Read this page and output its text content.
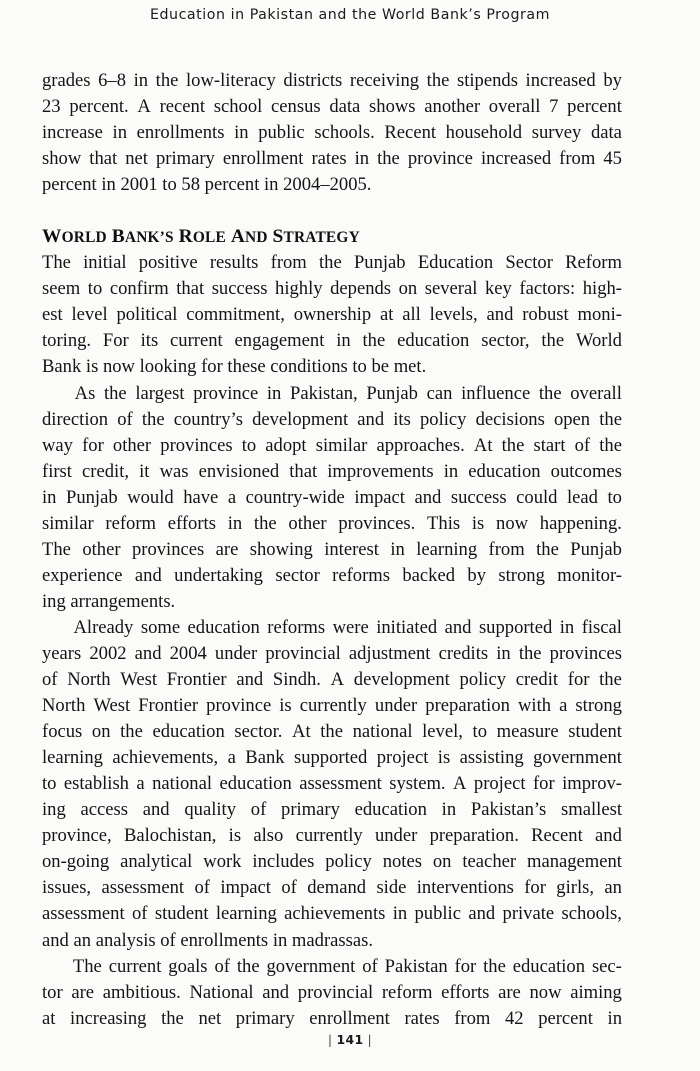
Education in Pakistan and the World Bank’s Program
grades 6–8 in the low-literacy districts receiving the stipends increased by
23 percent. A recent school census data shows another overall 7 percent
increase in enrollments in public schools. Recent household survey data
show that net primary enrollment rates in the province increased from 45
percent in 2001 to 58 percent in 2004–2005.
WORLD BANK’S ROLE AND STRATEGY
The initial positive results from the Punjab Education Sector Reform
seem to confirm that success highly depends on several key factors: high-
est level political commitment, ownership at all levels, and robust moni-
toring. For its current engagement in the education sector, the World
Bank is now looking for these conditions to be met.
As the largest province in Pakistan, Punjab can influence the overall
direction of the country’s development and its policy decisions open the
way for other provinces to adopt similar approaches. At the start of the
first credit, it was envisioned that improvements in education outcomes
in Punjab would have a country-wide impact and success could lead to
similar reform efforts in the other provinces. This is now happening.
The other provinces are showing interest in learning from the Punjab
experience and undertaking sector reforms backed by strong monitor-
ing arrangements.
Already some education reforms were initiated and supported in fiscal
years 2002 and 2004 under provincial adjustment credits in the provinces
of North West Frontier and Sindh. A development policy credit for the
North West Frontier province is currently under preparation with a strong
focus on the education sector. At the national level, to measure student
learning achievements, a Bank supported project is assisting government
to establish a national education assessment system. A project for improv-
ing access and quality of primary education in Pakistan’s smallest
province, Balochistan, is also currently under preparation. Recent and
on-going analytical work includes policy notes on teacher management
issues, assessment of impact of demand side interventions for girls, an
assessment of student learning achievements in public and private schools,
and an analysis of enrollments in madrassas.
The current goals of the government of Pakistan for the education sec-
tor are ambitious. National and provincial reform efforts are now aiming
at increasing the net primary enrollment rates from 42 percent in
| 141 |
